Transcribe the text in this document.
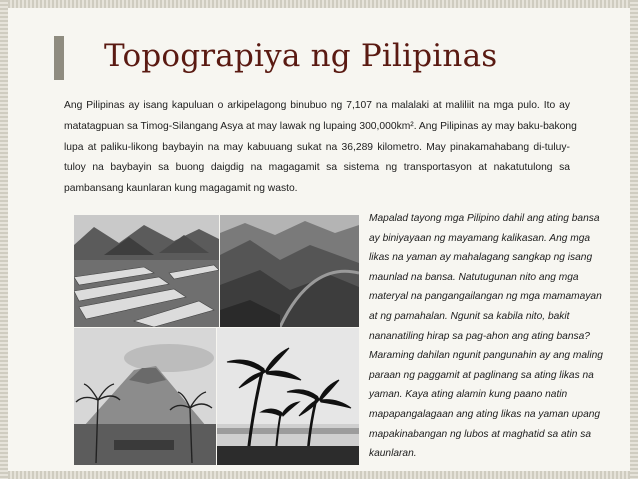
Topograpiya ng Pilipinas
Ang Pilipinas ay isang kapuluan o arkipelagong binubuo ng 7,107 na malalaki at maliliit na mga pulo. Ito ay
matatagpuan sa Timog-Silangang Asya at may lawak ng lupaing 300,000km². Ang Pilipinas ay may baku-bakong
lupa at paliku-likong baybayin na may kabuuang sukat na 36,289 kilometro. May pinakamahabang di-tuluy-
tuloy na baybayin sa buong daigdig na magagamit sa sistema ng transportasyon at nakatutulong sa
pambansang kaunlaran kung magagamit ng wasto.
Mapalad tayong mga Pilipino dahil ang ating bansa
ay biniyayaan ng mayamang kalikasan. Ang mga
likas na yaman ay mahalagang sangkap ng isang
maunlad na bansa. Natutugunan nito ang mga
materyal na pangangailangan ng mga mamamayan
at ng pamahalan. Ngunit sa kabila nito, bakit
nananatiling hirap sa pag-ahon ang ating bansa?
Maraming dahilan ngunit pangunahin ay ang maling
paraan ng paggamit at paglinang sa ating likas na
yaman. Kaya ating alamin kung paano natin
mapapangalagaan ang ating likas na yaman upang
mapakinabangan ng lubos at maghatid sa atin sa
kaunlaran.
